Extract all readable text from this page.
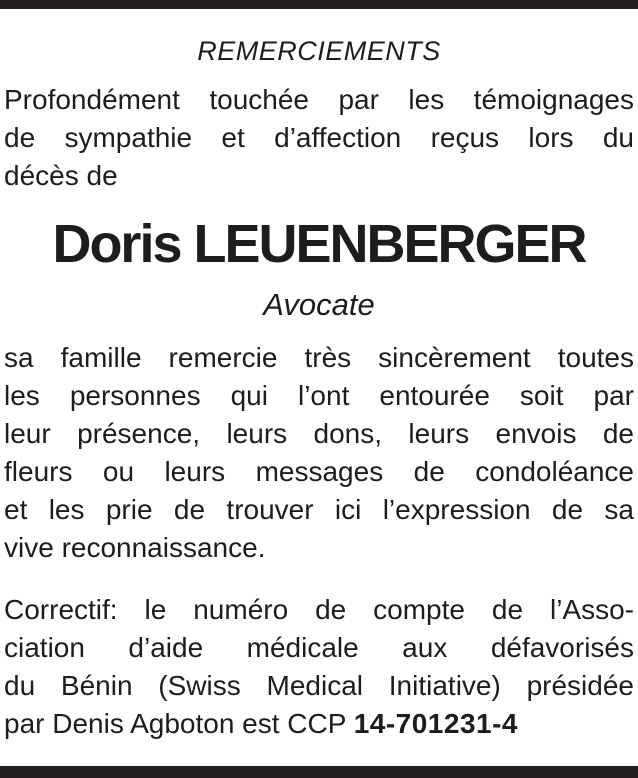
REMERCIEMENTS
Profondément touchée par les témoignages
de sympathie et d’affection reçus lors du
décès de
Doris LEUENBERGER
Avocate
sa famille remercie très sincèrement toutes
les personnes qui l’ont entourée soit par
leur présence, leurs dons, leurs envois de
fleurs ou leurs messages de condoléance
et les prie de trouver ici l’expression de sa
vive reconnaissance.
Correctif: le numéro de compte de l’Asso-
ciation d’aide médicale aux défavorisés
du Bénin (Swiss Medical Initiative) présidée
par Denis Agboton est CCP 14-701231-4
